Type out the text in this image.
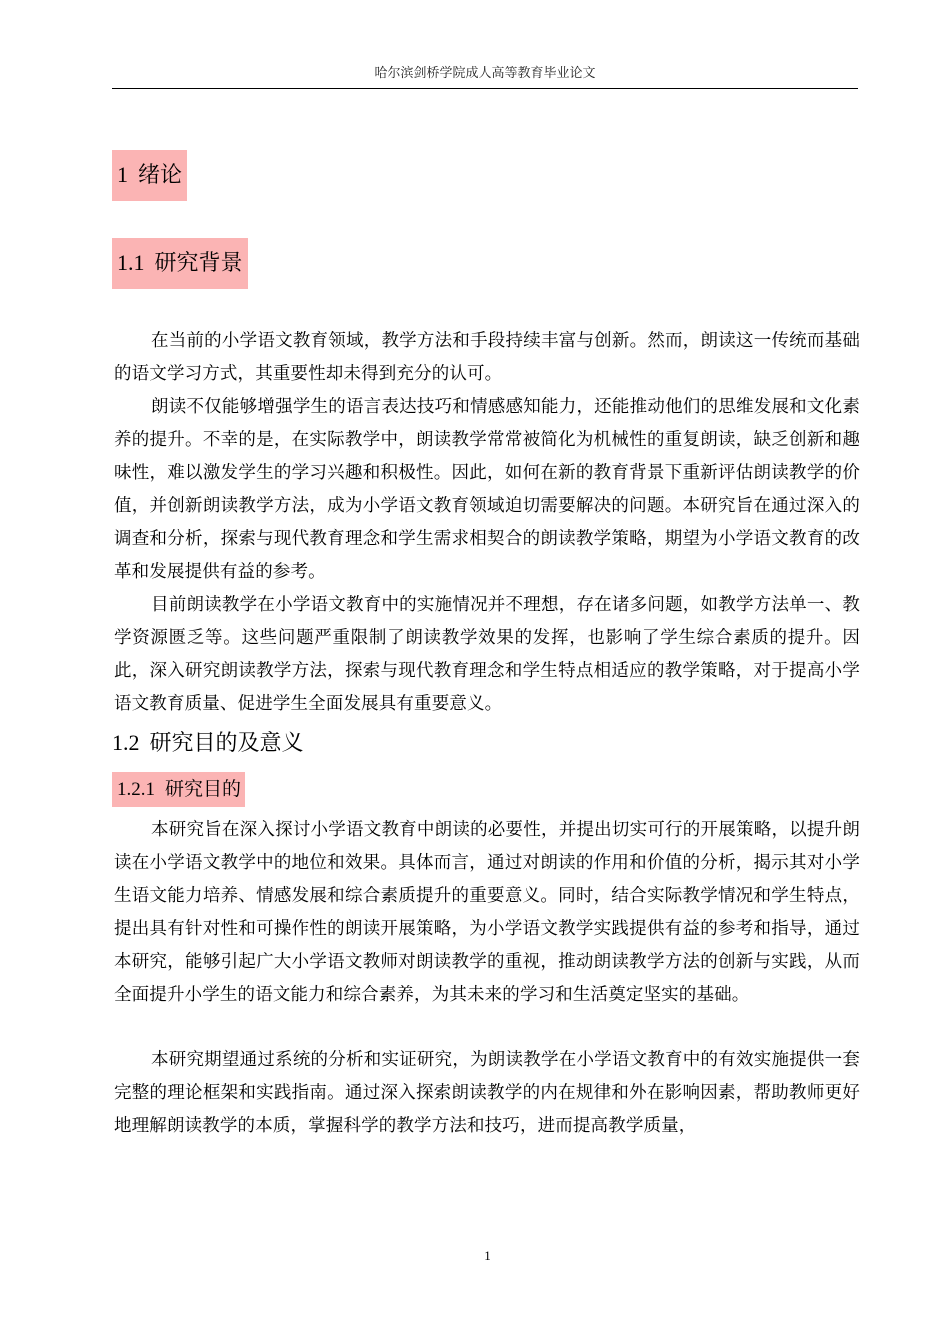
哈尔滨剑桥学院成人高等教育毕业论文
1 绪论
1.1 研究背景

在当前的小学语文教育领域，教学方法和手段持续丰富与创新。然而，朗读这一传统而基础的语文学习方式，其重要性却未得到充分的认可。

朗读不仅能够增强学生的语言表达技巧和情感感知能力，还能推动他们的思维发展和文化素养的提升。不幸的是，在实际教学中，朗读教学常常被简化为机械性的重复朗读，缺乏创新和趣味性，难以激发学生的学习兴趣和积极性。因此，如何在新的教育背景下重新评估朗读教学的价值，并创新朗读教学方法，成为小学语文教育领域迫切需要解决的问题。本研究旨在通过深入的调查和分析，探索与现代教育理念和学生需求相契合的朗读教学策略，期望为小学语文教育的改革和发展提供有益的参考。

目前朗读教学在小学语文教育中的实施情况并不理想，存在诸多问题，如教学方法单一、教学资源匮乏等。这些问题严重限制了朗读教学效果的发挥，也影响了学生综合素质的提升。因此，深入研究朗读教学方法，探索与现代教育理念和学生特点相适应的教学策略，对于提高小学语文教育质量、促进学生全面发展具有重要意义。

1.2 研究目的及意义
1.2.1 研究目的

本研究旨在深入探讨小学语文教育中朗读的必要性，并提出切实可行的开展策略，以提升朗读在小学语文教学中的地位和效果。具体而言，通过对朗读的作用和价值的分析，揭示其对小学生语文能力培养、情感发展和综合素质提升的重要意义。同时，结合实际教学情况和学生特点，提出具有针对性和可操作性的朗读开展策略，为小学语文教学实践提供有益的参考和指导，通过本研究，能够引起广大小学语文教师对朗读教学的重视，推动朗读教学方法的创新与实践，从而全面提升小学生的语文能力和综合素养，为其未来的学习和生活奠定坚实的基础。

本研究期望通过系统的分析和实证研究，为朗读教学在小学语文教育中的有效实施提供一套完整的理论框架和实践指南。通过深入探索朗读教学的内在规律和外在影响因素，帮助教师更好地理解朗读教学的本质，掌握科学的教学方法和技巧，进而提高教学质量，

1
